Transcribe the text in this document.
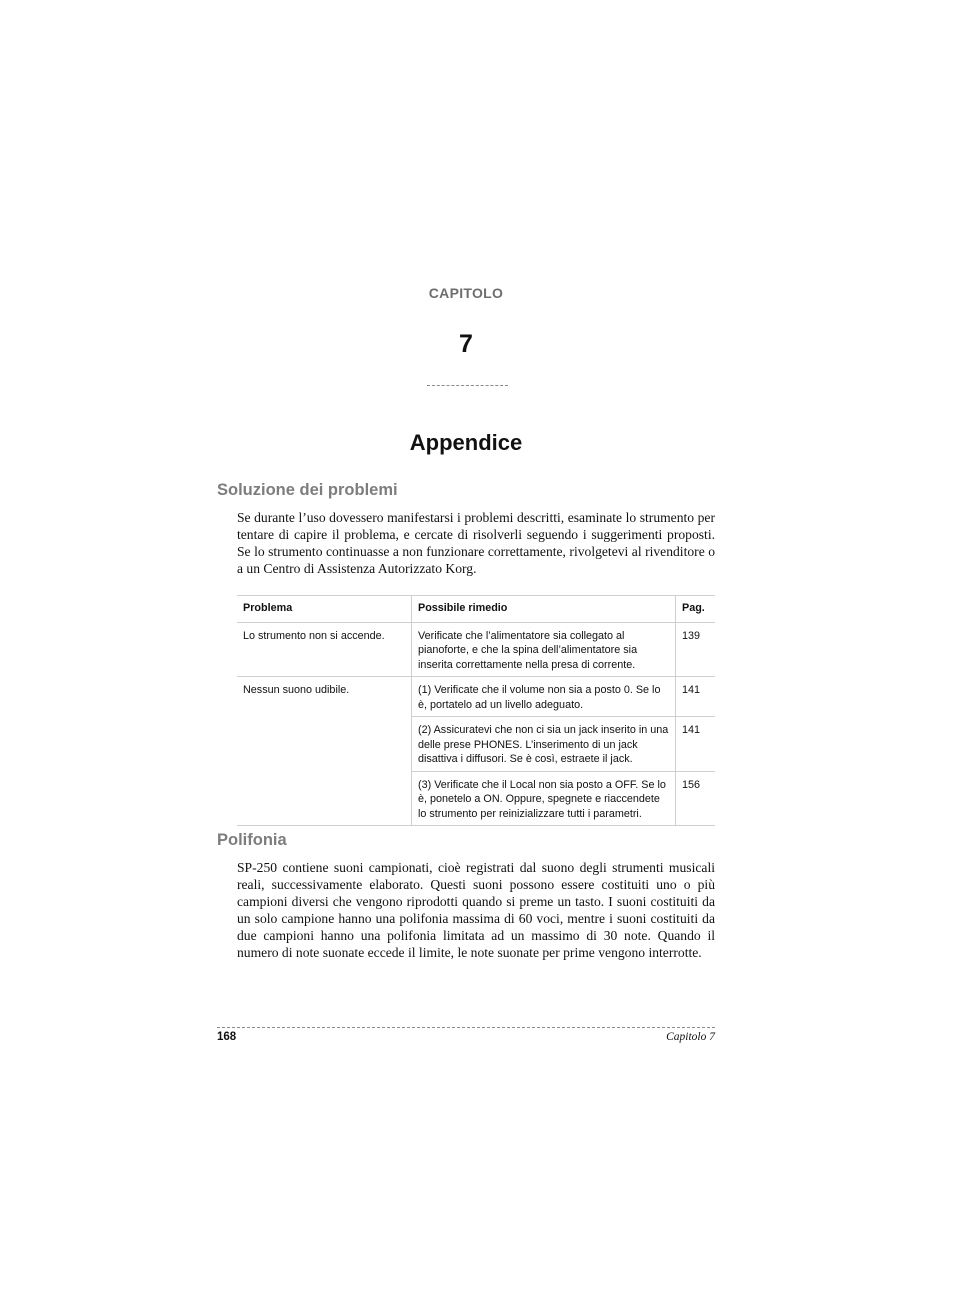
CAPITOLO
7
Appendice
Soluzione dei problemi

Se durante l’uso dovessero manifestarsi i problemi descritti, esaminate lo strumento per tentare di capire il problema, e cercate di risolverli seguendo i suggerimenti proposti. Se lo strumento continuasse a non funzionare correttamente, rivolgetevi al rivenditore o a un Centro di Assistenza Autorizzato Korg.

Problema	Possibile rimedio	Pag.
Lo strumento non si accende.	Verificate che l’alimentatore sia collegato al pianoforte, e che la spina dell’alimentatore sia inserita correttamente nella presa di corrente.	139
Nessun suono udibile.	(1) Verificate che il volume non sia a posto 0. Se lo è, portatelo ad un livello adeguato.	141
	(2) Assicuratevi che non ci sia un jack inserito in una delle prese PHONES. L’inserimento di un jack disattiva i diffusori. Se è così, estraete il jack.	141
	(3) Verificate che il Local non sia posto a OFF. Se lo è, ponetelo a ON. Oppure, spegnete e riaccendete lo strumento per reinizializzare tutti i parametri.	156
Polifonia

SP-250 contiene suoni campionati, cioè registrati dal suono degli strumenti musicali reali, successivamente elaborato. Questi suoni possono essere costituiti uno o più campioni diversi che vengono riprodotti quando si preme un tasto. I suoni costituiti da un solo campione hanno una polifonia massima di 60 voci, mentre i suoni costituiti da due campioni hanno una polifonia limitata ad un massimo di 30 note. Quando il numero di note suonate eccede il limite, le note suonate per prime vengono interrotte.

168	Capitolo 7
